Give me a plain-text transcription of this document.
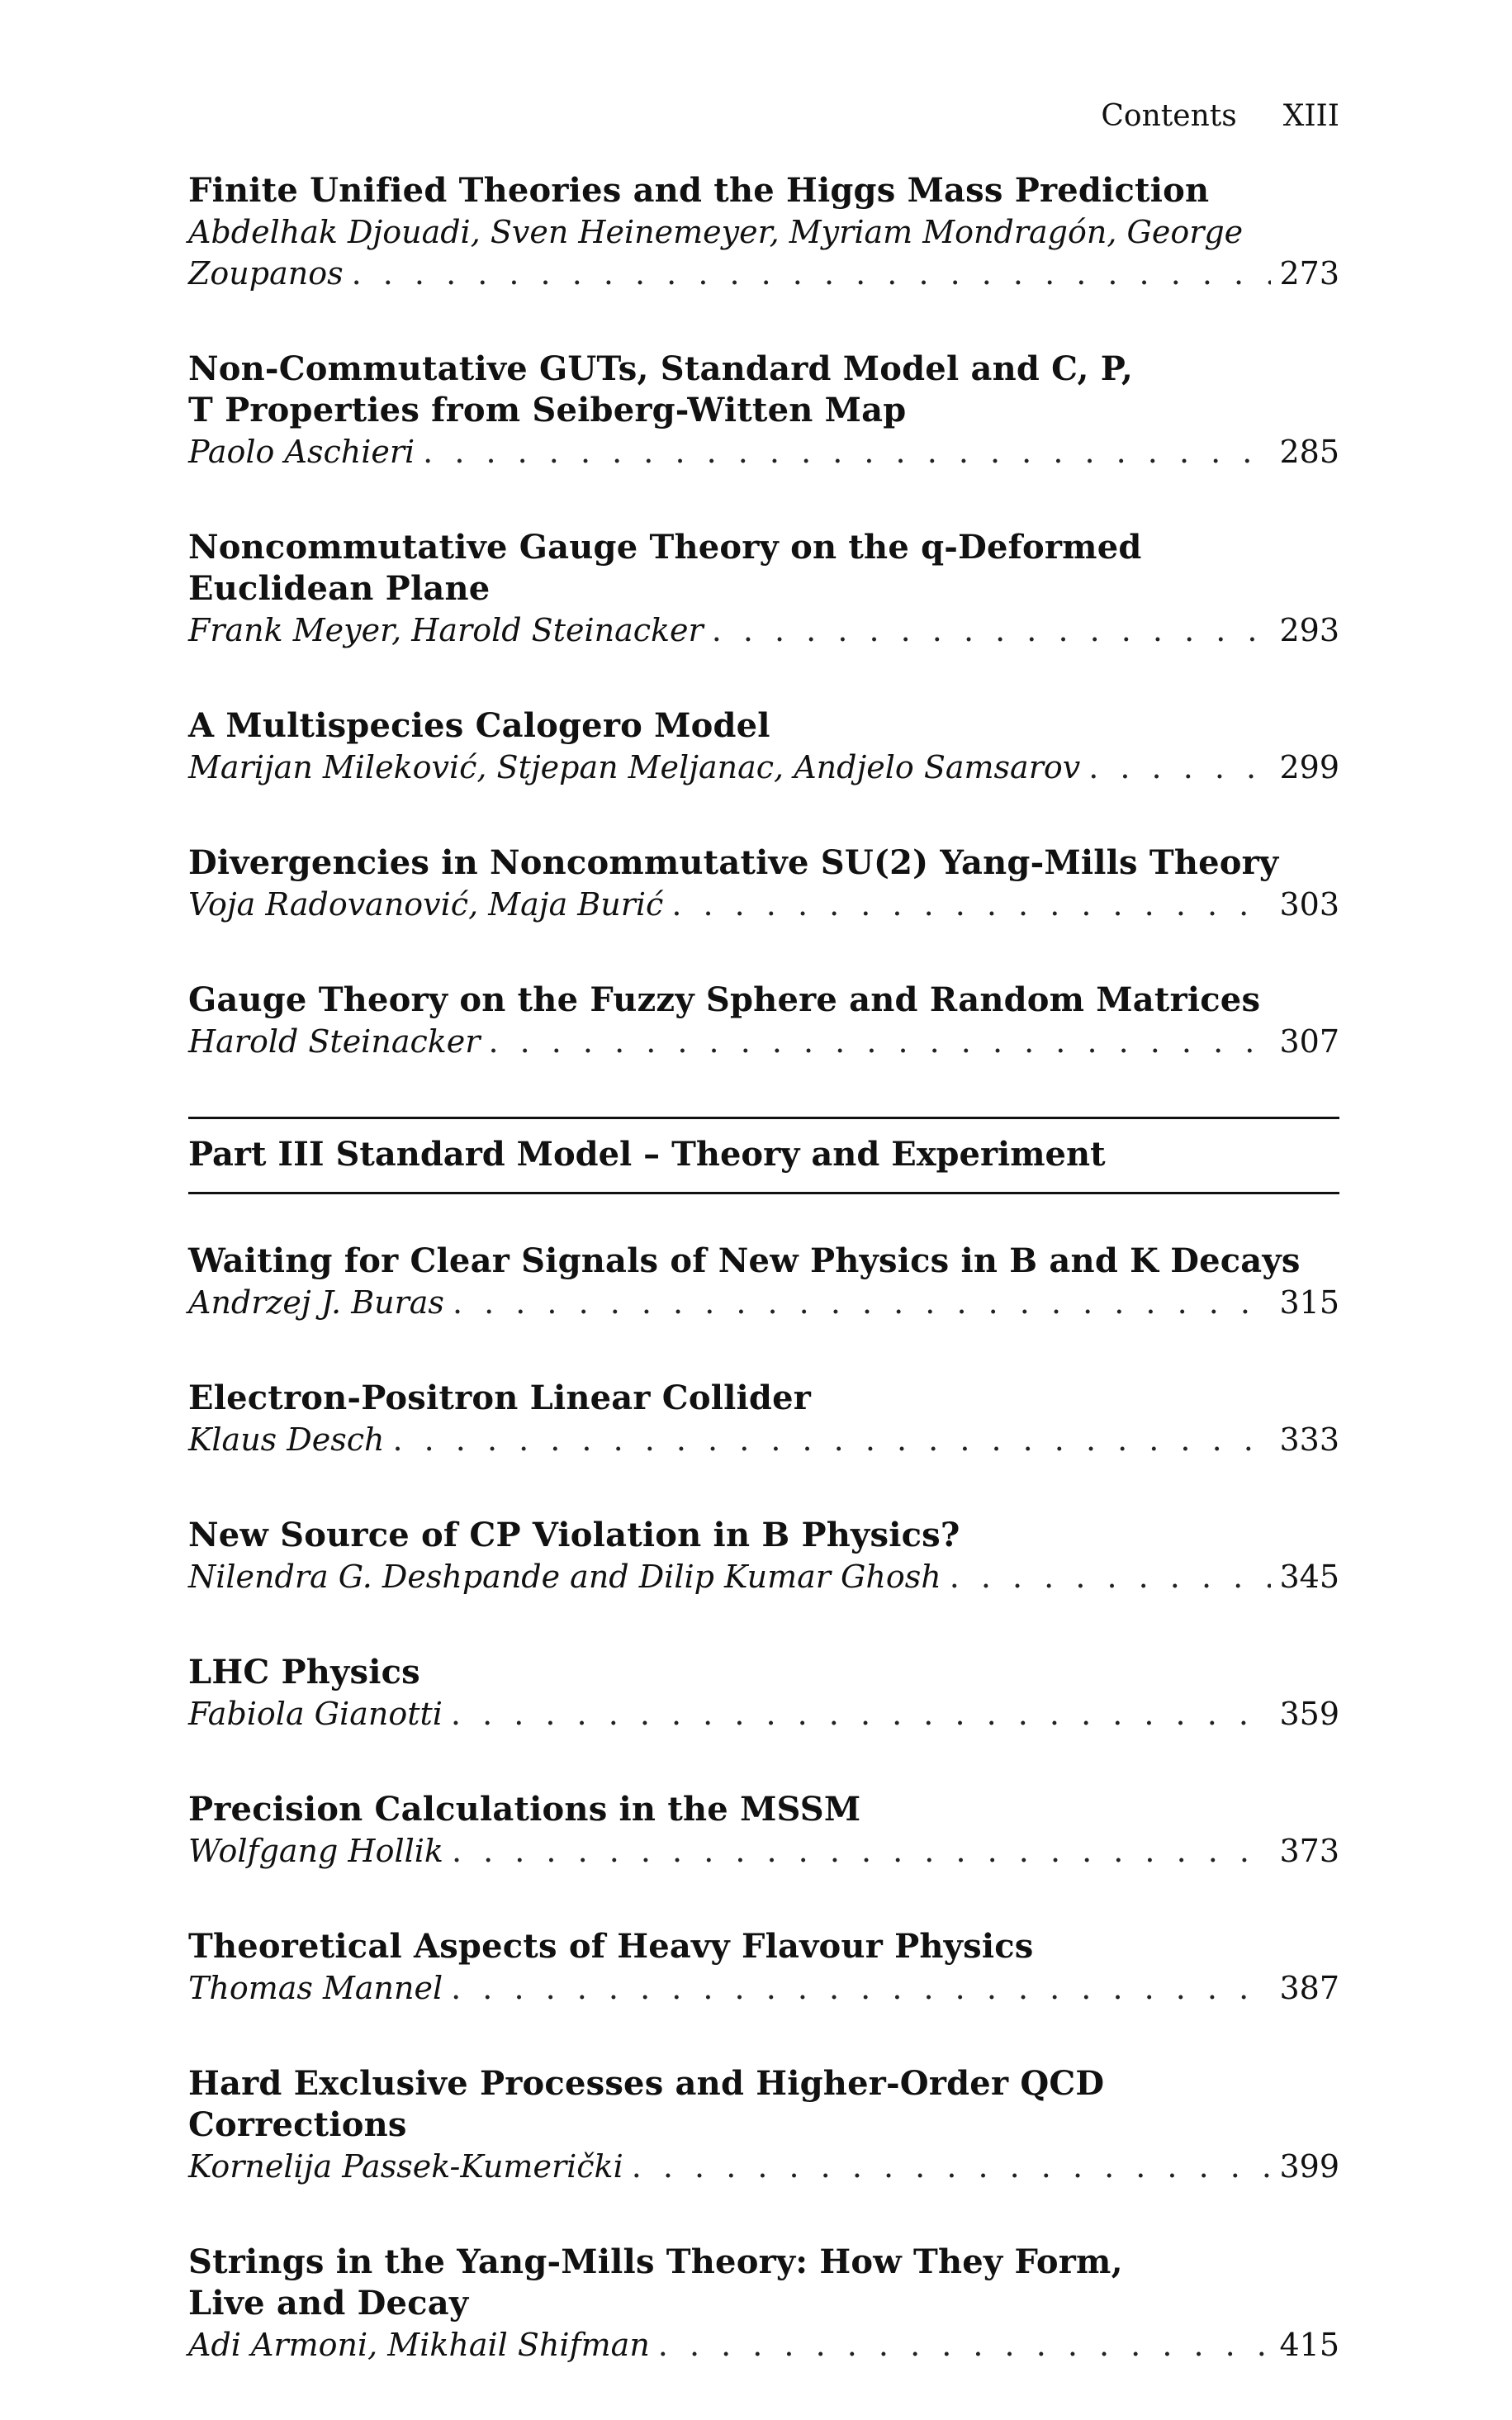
Contents XIII
Finite Unified Theories and the Higgs Mass Prediction
Abdelhak Djouadi, Sven Heinemeyer, Myriam Mondragón, George
Zoupanos . . .	273
Non-Commutative GUTs, Standard Model and C, P, T Properties from Seiberg-Witten Map
Paolo Aschieri . . .	285
Noncommutative Gauge Theory on the q-Deformed Euclidean Plane
Frank Meyer, Harold Steinacker . . .	293
A Multispecies Calogero Model
Marijan Mileković, Stjepan Meljanac, Andjelo Samsarov . . .	299
Divergencies in Noncommutative SU(2) Yang-Mills Theory
Voja Radovanović, Maja Burić . . .	303
Gauge Theory on the Fuzzy Sphere and Random Matrices
Harold Steinacker . . .	307
Part III Standard Model – Theory and Experiment
Waiting for Clear Signals of New Physics in B and K Decays
Andrzej J. Buras . . .	315
Electron-Positron Linear Collider
Klaus Desch . . .	333
New Source of CP Violation in B Physics?
Nilendra G. Deshpande and Dilip Kumar Ghosh . . .	345
LHC Physics
Fabiola Gianotti . . .	359
Precision Calculations in the MSSM
Wolfgang Hollik . . .	373
Theoretical Aspects of Heavy Flavour Physics
Thomas Mannel . . .	387
Hard Exclusive Processes and Higher-Order QCD Corrections
Kornelija Passek-Kumerički . . .	399
Strings in the Yang-Mills Theory: How They Form, Live and Decay
Adi Armoni, Mikhail Shifman . . .	415
